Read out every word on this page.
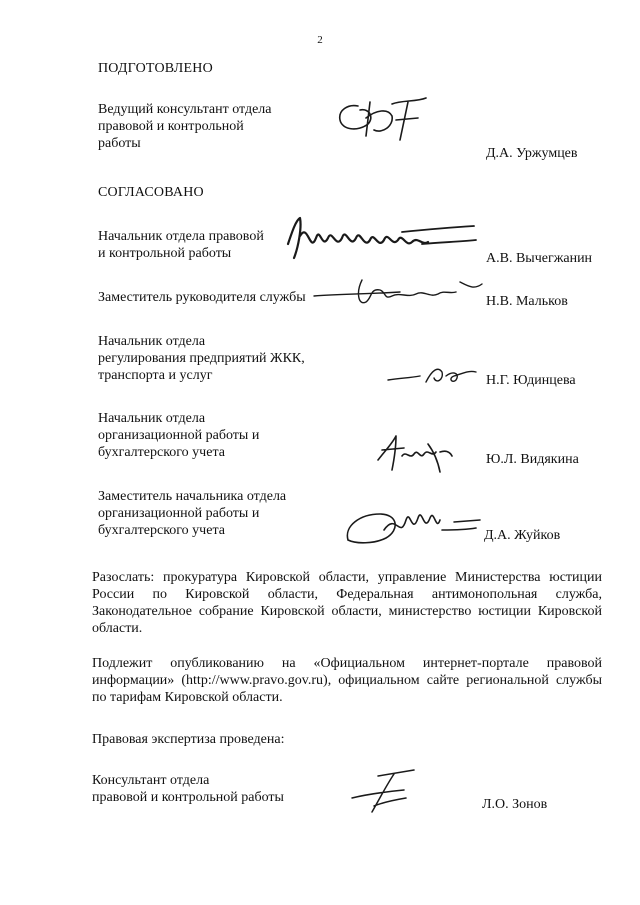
2
ПОДГОТОВЛЕНО
Ведущий консультант отдела
правовой и контрольной
работы
Д.А. Уржумцев
СОГЛАСОВАНО
Начальник отдела правовой
и контрольной работы	А.В. Вычегжанин
Заместитель руководителя службы	Н.В. Мальков
Начальник отдела
регулирования предприятий ЖКК,
транспорта и услуг	Н.Г. Юдинцева
Начальник отдела
организационной работы и
бухгалтерского учета	Ю.Л. Видякина
Заместитель начальника отдела
организационной работы и
бухгалтерского учета	Д.А. Жуйков
Разослать: прокуратура Кировской области, управление Министерства юстиции России по Кировской области, Федеральная антимонопольная служба, Законодательное собрание Кировской области, министерство юстиции Кировской области.
Подлежит опубликованию на «Официальном интернет-портале правовой информации» (http://www.pravo.gov.ru), официальном сайте региональной службы по тарифам Кировской области.
Правовая экспертиза проведена:
Консультант отдела
правовой и контрольной работы	Л.О. Зонов
